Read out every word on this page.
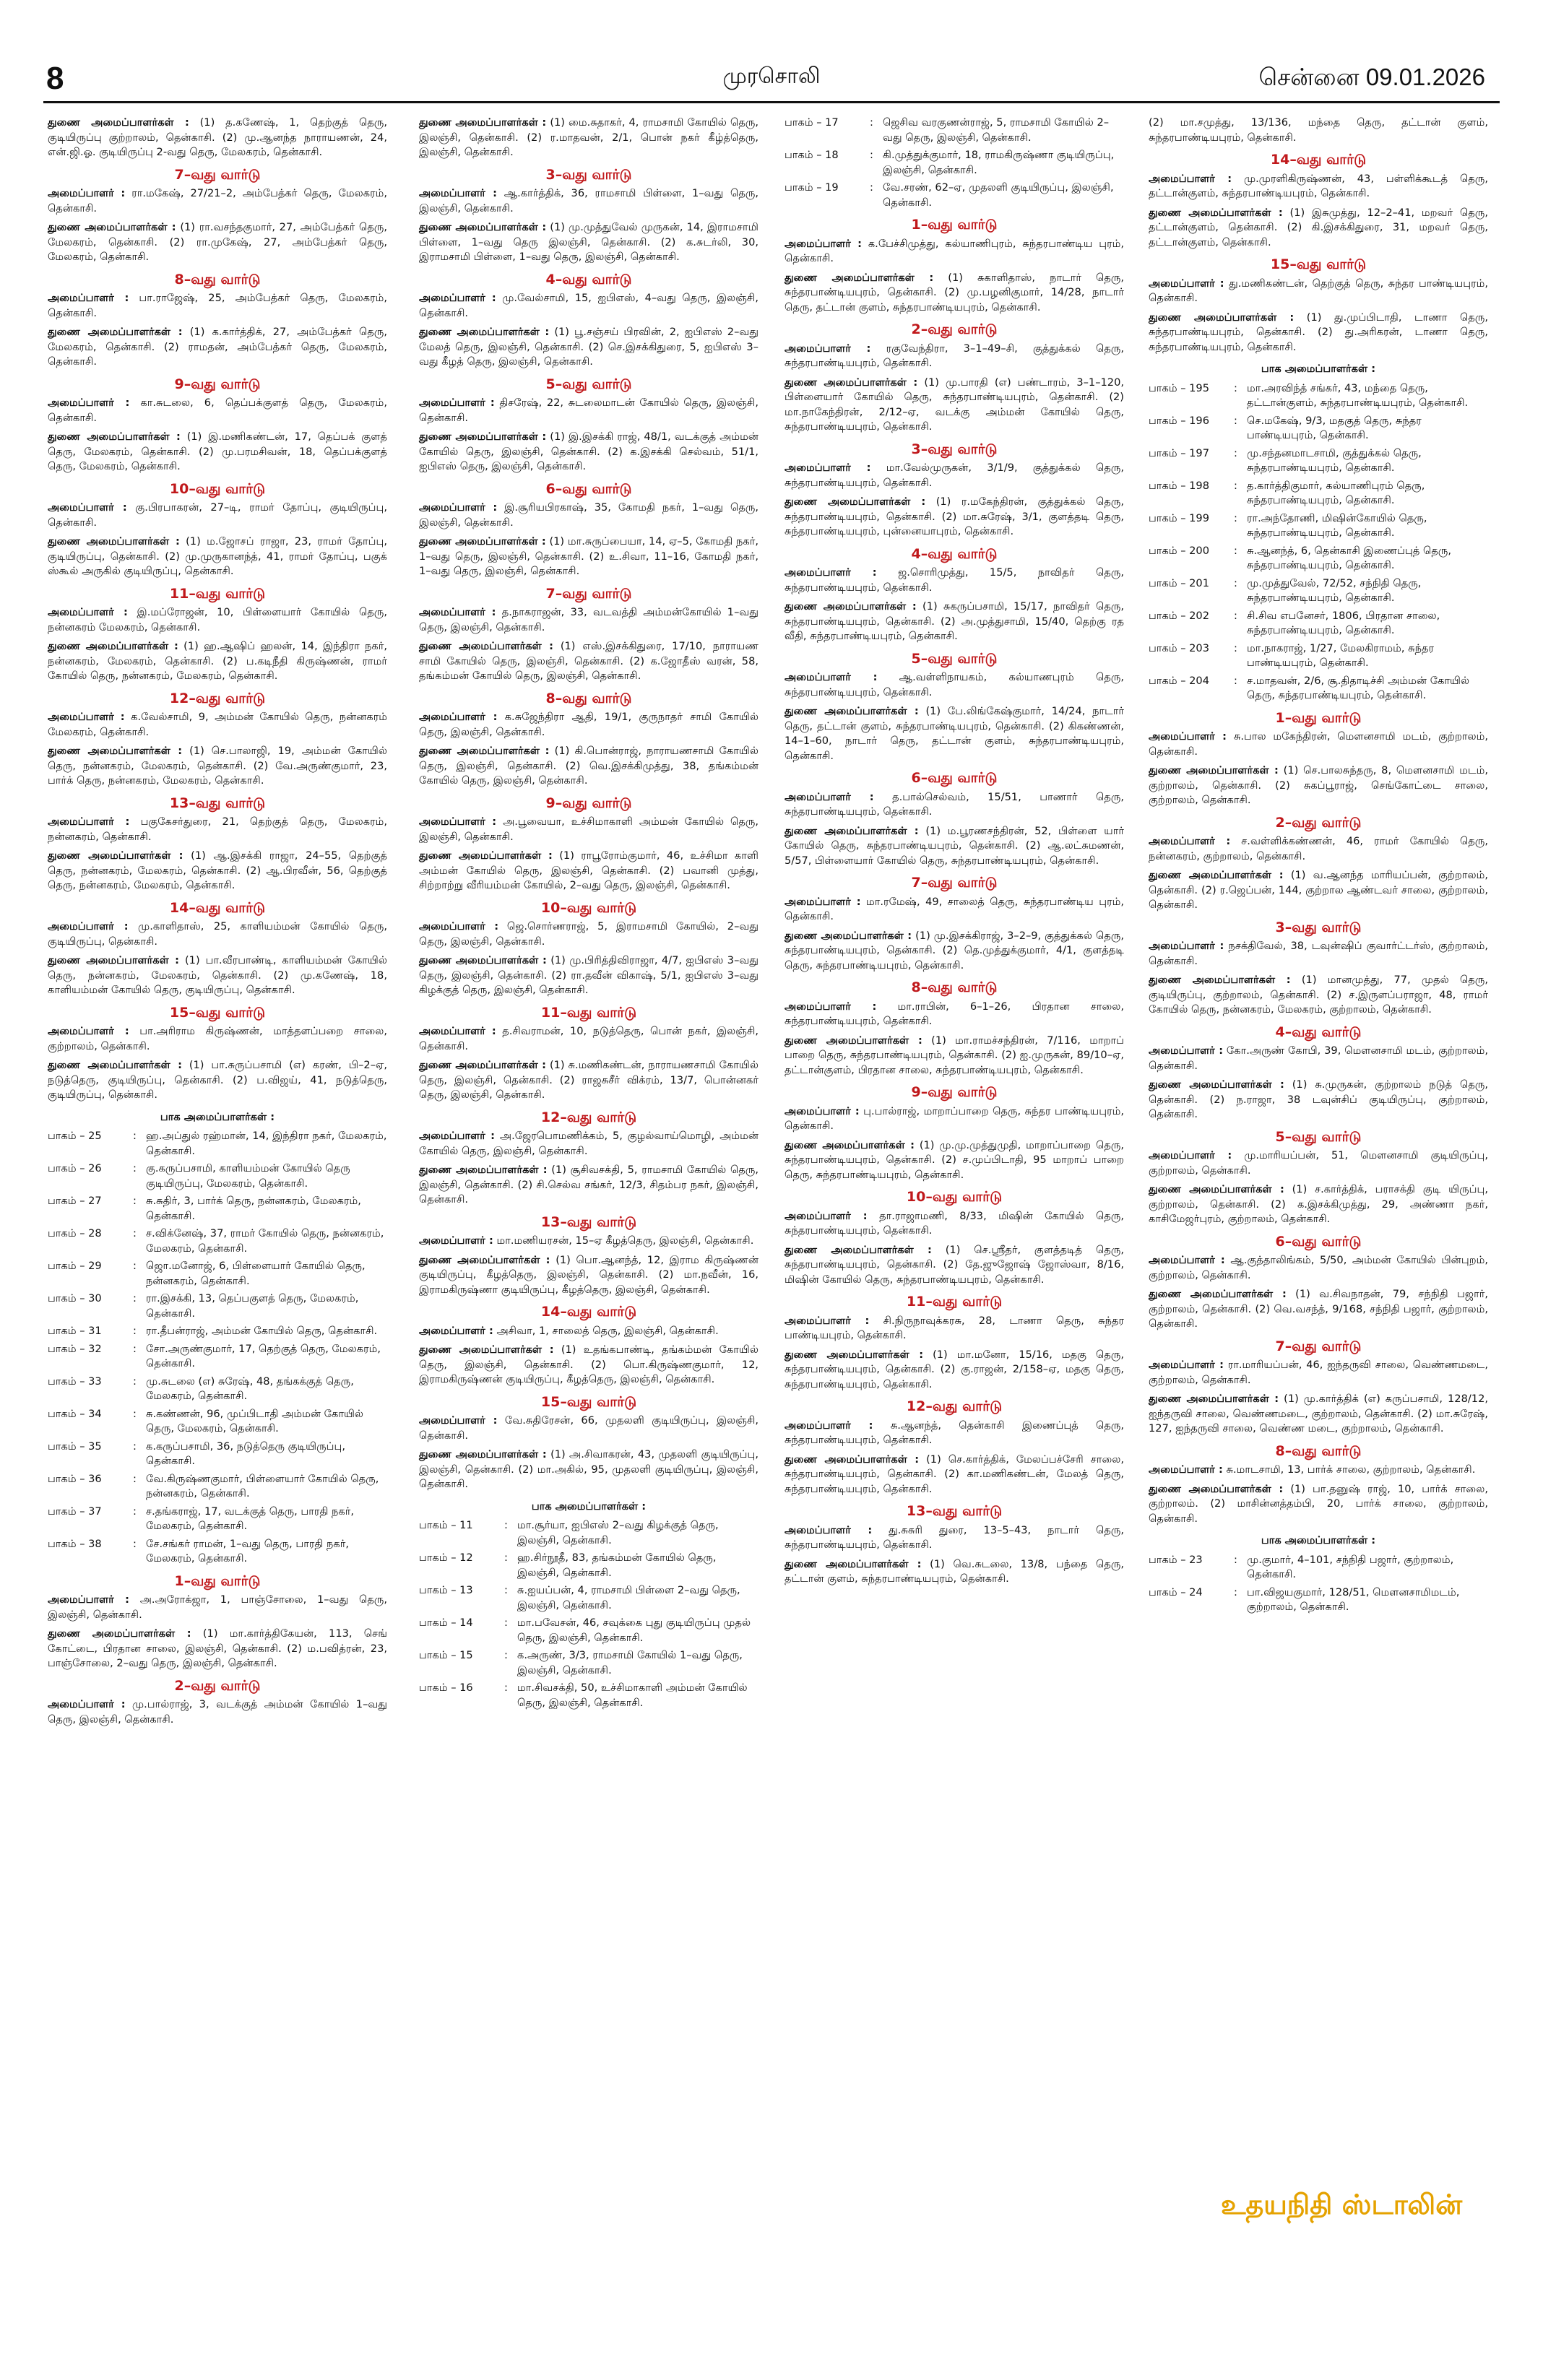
8	முரசொலி	சென்னை 09.01.2026

துணை அமைப்பாளர்கள் : (1) த.கணேஷ், 1, தெற்குத் தெரு, குடியிருப்பு குற்றாலம், தென்காசி. (2) மு.ஆனந்த நாராயணன், 24, என்.ஜி.ஓ. குடியிருப்பு 2-வது தெரு, மேலகரம், தென்காசி.

7–வது வார்டு

அமைப்பாளர் : ரா.மகேஷ், 27/21–2, அம்பேத்கர் தெரு, மேலகரம், தென்காசி.

துணை அமைப்பாளர்கள் : (1) ரா.வசந்தகுமார், 27, அம்பேத்கர் தெரு, மேலகரம், தென்காசி. (2) ரா.முகேஷ், 27, அம்பேத்கர் தெரு, மேலகரம், தென்காசி.

8–வது வார்டு

அமைப்பாளர் : பா.ராஜேஷ், 25, அம்பேத்கர் தெரு, மேலகரம், தென்காசி.

துணை அமைப்பாளர்கள் : (1) க.கார்த்திக், 27, அம்பேத்கர் தெரு, மேலகரம், தென்காசி. (2) ராமதன், அம்பேத்கர் தெரு, மேலகரம், தென்காசி.

9–வது வார்டு

அமைப்பாளர் : கா.சுடலை, 6, தெப்பக்குளத் தெரு, மேலகரம், தென்காசி.

துணை அமைப்பாளர்கள் : (1) இ.மணிகண்டன், 17, தெப்பக் குளத் தெரு, மேலகரம், தென்காசி. (2) மு.பரமசிவன், 18, தெப்பக்குளத் தெரு, மேலகரம், தென்காசி.

10–வது வார்டு

அமைப்பாளர் : கு.பிரபாகரன், 27–டி, ராமர் தோப்பு, குடியிருப்பு, தென்காசி.

துணை அமைப்பாளர்கள் : (1) ம.ஜோசப் ராஜா, 23, ராமர் தோப்பு, குடியிருப்பு, தென்காசி. (2) மு.முருகானந்த், 41, ராமர் தோப்பு, பகுக் ஸ்கூல் அருகில் குடியிருப்பு, தென்காசி.

11–வது வார்டு

அமைப்பாளர் : இ.மப்ரோஜன், 10, பிள்ளையார் கோயில் தெரு, நன்னகரம் மேலகரம், தென்காசி.

துணை அமைப்பாளர்கள் : (1) ஹ.ஆஷிப் ஹலன், 14, இந்திரா நகர், நன்னகரம், மேலகரம், தென்காசி. (2) ப.கடிநீதி கிருஷ்ணன், ராமர் கோயில் தெரு, நன்னகரம், மேலகரம், தென்காசி.

12–வது வார்டு

அமைப்பாளர் : க.வேல்சாமி, 9, அம்மன் கோயில் தெரு, நன்னகரம் மேலகரம், தென்காசி.

துணை அமைப்பாளர்கள் : (1) செ.பாலாஜி, 19, அம்மன் கோயில் தெரு, நன்னகரம், மேலகரம், தென்காசி. (2) வே.அருண்குமார், 23, பார்க் தெரு, நன்னகரம், மேலகரம், தென்காசி.

13–வது வார்டு

அமைப்பாளர் : பகுகேசர்துரை, 21, தெற்குத் தெரு, மேலகரம், நன்னகரம், தென்காசி.

துணை அமைப்பாளர்கள் : (1) ஆ.இசக்கி ராஜா, 24–55, தெற்குத் தெரு, நன்னகரம், மேலகரம், தென்காசி. (2) ஆ.பிரவீன், 56, தெற்குத் தெரு, நன்னகரம், மேலகரம், தென்காசி.

14–வது வார்டு

அமைப்பாளர் : மு.காளிதாஸ், 25, காளியம்மன் கோயில் தெரு, குடியிருப்பு, தென்காசி.

துணை அமைப்பாளர்கள் : (1) பா.வீரபாண்டி, காளியம்மன் கோயில் தெரு, நன்னகரம், மேலகரம், தென்காசி. (2) மு.கணேஷ், 18, காளியம்மன் கோயில் தெரு, குடியிருப்பு, தென்காசி.

15–வது வார்டு

அமைப்பாளர் : பா.அரிராம கிருஷ்ணன், மாத்தளப்பறை சாலை, குற்றாலம், தென்காசி.

துணை அமைப்பாளர்கள் : (1) பா.சுருப்பசாமி (எ) கரண், பி–2–ஏ, நடுத்தெரு, குடியிருப்பு, தென்காசி. (2) ப.விஜய், 41, நடுத்தெரு, குடியிருப்பு, தென்காசி.

பாக அமைப்பாளர்கள் :
பாகம் – 25	: ஹ.அப்துல் ரஹ்மான், 14, இந்திரா நகர், மேலகரம், தென்காசி.
பாகம் – 26	: கு.கருப்பசாமி, காளியம்மன் கோயில் தெரு குடியிருப்பு, மேலகரம், தென்காசி.
பாகம் – 27	: சு.சுதிர், 3, பார்க் தெரு, நன்னகரம், மேலகரம், தென்காசி.
பாகம் – 28	: ச.விக்னேஷ், 37, ராமர் கோயில் தெரு, நன்னகரம், மேலகரம், தென்காசி.
பாகம் – 29	: ஜொ.மனோஜ், 6, பிள்ளையார் கோயில் தெரு, நன்னகரம், தென்காசி.
பாகம் – 30	: ரா.இசக்கி, 13, தெப்பகுளத் தெரு, மேலகரம், தென்காசி.
பாகம் – 31	: ரா.தீபன்ராஜ், அம்மன் கோயில் தெரு, தென்காசி.
பாகம் – 32	: சோ.அருண்குமார், 17, தெற்குத் தெரு, மேலகரம், தென்காசி.
பாகம் – 33	: மு.சுடலை (எ) சுரேஷ், 48, தங்கக்குத் தெரு, மேலகரம், தென்காசி.
பாகம் – 34	: சு.கண்ணன், 96, முப்பிடாதி அம்மன் கோயில் தெரு, மேலகரம், தென்காசி.
பாகம் – 35	: க.கருப்பசாமி, 36, நடுத்தெரு குடியிருப்பு, தென்காசி.
பாகம் – 36	: வே.கிருஷ்ணகுமார், பிள்ளையார் கோயில் தெரு, நன்னகரம், தென்காசி.
பாகம் – 37	: ச.தங்கராஜ், 17, வடக்குத் தெரு, பாரதி நகர், மேலகரம், தென்காசி.
பாகம் – 38	: சே.சங்கர் ராமன், 1–வது தெரு, பாரதி நகர், மேலகரம், தென்காசி.
1–வது வார்டு

அமைப்பாளர் : அ.அரோக்ஜா, 1, பாஞ்சோலை, 1–வது தெரு, இலஞ்சி, தென்காசி.

துணை அமைப்பாளர்கள் : (1) மா.கார்த்திகேயன், 113, செங் கோட்டை, பிரதான சாலை, இலஞ்சி, தென்காசி. (2) ம.பவித்ரன், 23, பாஞ்சோலை, 2–வது தெரு, இலஞ்சி, தென்காசி.

2–வது வார்டு

அமைப்பாளர் : மு.பால்ராஜ், 3, வடக்குத் அம்மன் கோயில் 1–வது தெரு, இலஞ்சி, தென்காசி.

துணை அமைப்பாளர்கள் : (1) மை.சுதாகர், 4, ராமசாமி கோயில் தெரு, இலஞ்சி, தென்காசி. (2) ர.மாதவன், 2/1, பொன் நகர் கீழ்த்தெரு, இலஞ்சி, தென்காசி.

3–வது வார்டு

அமைப்பாளர் : ஆ.கார்த்திக், 36, ராமசாமி பிள்ளை, 1–வது தெரு, இலஞ்சி, தென்காசி.

துணை அமைப்பாளர்கள் : (1) மு.முத்துவேல் முருகன், 14, இராமசாமி பிள்ளை, 1–வது தெரு இலஞ்சி, தென்காசி. (2) க.சுடர்லி, 30, இராமசாமி பிள்ளை, 1–வது தெரு, இலஞ்சி, தென்காசி.

4–வது வார்டு

அமைப்பாளர் : மு.வேல்சாமி, 15, ஐபிஎஸ், 4–வது தெரு, இலஞ்சி, தென்காசி.

துணை அமைப்பாளர்கள் : (1) பூ.சஞ்சய் பிரவின், 2, ஐபிஎஸ் 2–வது மேலத் தெரு, இலஞ்சி, தென்காசி. (2) செ.இசக்கிதுரை, 5, ஐபிஎஸ் 3–வது கீழத் தெரு, இலஞ்சி, தென்காசி.

5–வது வார்டு

அமைப்பாளர் : திசரேஷ், 22, சுடலைமாடன் கோயில் தெரு, இலஞ்சி, தென்காசி.

துணை அமைப்பாளர்கள் : (1) இ.இசக்கி ராஜ், 48/1, வடக்குத் அம்மன் கோயில் தெரு, இலஞ்சி, தென்காசி. (2) க.இசக்கி செல்வம், 51/1, ஐபிஎஸ் தெரு, இலஞ்சி, தென்காசி.

6–வது வார்டு

அமைப்பாளர் : இ.சூரியபிரகாஷ், 35, கோமதி நகர், 1–வது தெரு, இலஞ்சி, தென்காசி.

துணை அமைப்பாளர்கள் : (1) மா.சுருப்பையா, 14, ஏ–5, கோமதி நகர், 1–வது தெரு, இலஞ்சி, தென்காசி. (2) உ.சிவா, 11–16, கோமதி நகர், 1–வது தெரு, இலஞ்சி, தென்காசி.

7–வது வார்டு

அமைப்பாளர் : த.நாகராஜன், 33, வடவத்தி அம்மன்கோயில் 1–வது தெரு, இலஞ்சி, தென்காசி.

துணை அமைப்பாளர்கள் : (1) எஸ்.இசக்கிதுரை, 17/10, நாராயண சாமி கோயில் தெரு, இலஞ்சி, தென்காசி. (2) க.ஜோதீஸ் வரன், 58, தங்கம்மன் கோயில் தெரு, இலஞ்சி, தென்காசி.

8–வது வார்டு

அமைப்பாளர் : க.சுஜேந்திரா ஆதி, 19/1, குருநாதர் சாமி கோயில் தெரு, இலஞ்சி, தென்காசி.

துணை அமைப்பாளர்கள் : (1) கி.பொன்ராஜ், நாராயணசாமி கோயில் தெரு, இலஞ்சி, தென்காசி. (2) வெ.இசக்கிமுத்து, 38, தங்கம்மன் கோயில் தெரு, இலஞ்சி, தென்காசி.

9–வது வார்டு

அமைப்பாளர் : அ.பூவையா, உச்சிமாகாளி அம்மன் கோயில் தெரு, இலஞ்சி, தென்காசி.

துணை அமைப்பாளர்கள் : (1) ராபூரோம்குமார், 46, உச்சிமா காளி அம்மன் கோயில் தெரு, இலஞ்சி, தென்காசி. (2) பவானி முத்து, சிற்றாற்று வீரியம்மன் கோயில், 2–வது தெரு, இலஞ்சி, தென்காசி.

10–வது வார்டு

அமைப்பாளர் : ஜெ.சொர்ணராஜ், 5, இராமசாமி கோயில், 2–வது தெரு, இலஞ்சி, தென்காசி.

துணை அமைப்பாளர்கள் : (1) மு.பிரித்திவிராஜா, 4/7, ஐபிஎஸ் 3–வது தெரு, இலஞ்சி, தென்காசி. (2) ரா.தவீன் விகாஷ், 5/1, ஐபிஎஸ் 3–வது கிழக்குத் தெரு, இலஞ்சி, தென்காசி.

11–வது வார்டு

அமைப்பாளர் : த.சிவராமன், 10, நடுத்தெரு, பொன் நகர், இலஞ்சி, தென்காசி.

துணை அமைப்பாளர்கள் : (1) சு.மணிகண்டன், நாராயணசாமி கோயில் தெரு, இலஞ்சி, தென்காசி. (2) ராஜசுசீர் விக்ரம், 13/7, பொன்னகர் தெரு, இலஞ்சி, தென்காசி.

12–வது வார்டு

அமைப்பாளர் : அ.ஜேரபொமணிக்கம், 5, குழல்வாய்மொழி, அம்மன் கோயில் தெரு, இலஞ்சி, தென்காசி.

துணை அமைப்பாளர்கள் : (1) சூசிவசக்தி, 5, ராமசாமி கோயில் தெரு, இலஞ்சி, தென்காசி. (2) சி.செல்வ சங்கர், 12/3, சிதம்பர நகர், இலஞ்சி, தென்காசி.

13–வது வார்டு

அமைப்பாளர் : மா.மணியரசன், 15–ஏ கீழத்தெரு, இலஞ்சி, தென்காசி.

துணை அமைப்பாளர்கள் : (1) பொ.ஆனந்த், 12, இராம கிருஷ்ணன் குடியிருப்பு, கீழத்தெரு, இலஞ்சி, தென்காசி. (2) மா.நவீன், 16, இராமகிருஷ்ணா குடியிருப்பு, கீழத்தெரு, இலஞ்சி, தென்காசி.

14–வது வார்டு

அமைப்பாளர் : அசிவா, 1, சாலைத் தெரு, இலஞ்சி, தென்காசி.

துணை அமைப்பாளர்கள் : (1) உதங்கபாண்டி, தங்கம்மன் கோயில் தெரு, இலஞ்சி, தென்காசி. (2) பொ.கிருஷ்ணகுமார், 12, இராமகிருஷ்ணன் குடியிருப்பு, கீழத்தெரு, இலஞ்சி, தென்காசி.

15–வது வார்டு

அமைப்பாளர் : வே.சுதிரேசன், 66, முதலளி குடியிருப்பு, இலஞ்சி, தென்காசி.

துணை அமைப்பாளர்கள் : (1) அ.சிவாகரன், 43, முதலளி குடியிருப்பு, இலஞ்சி, தென்காசி. (2) மா.அகில், 95, முதலளி குடியிருப்பு, இலஞ்சி, தென்காசி.

பாக அமைப்பாளர்கள் :
பாகம் – 11	: மா.சூர்யா, ஐபிஎஸ் 2–வது கிழக்குத் தெரு, இலஞ்சி, தென்காசி.
பாகம் – 12	: ஹ.சிர்நூதீ, 83, தங்கம்மன் கோயில் தெரு, இலஞ்சி, தென்காசி.
பாகம் – 13	: சு.ஐயப்பன், 4, ராமசாமி பிள்ளை 2–வது தெரு, இலஞ்சி, தென்காசி.
பாகம் – 14	: மா.பவேசன், 46, சவுக்கை புது குடியிருப்பு முதல் தெரு, இலஞ்சி, தென்காசி.
பாகம் – 15	: க.அருண், 3/3, ராமசாமி கோயில் 1–வது தெரு, இலஞ்சி, தென்காசி.
பாகம் – 16	: மா.சிவசக்தி, 50, உச்சிமாகாளி அம்மன் கோயில் தெரு, இலஞ்சி, தென்காசி.
பாகம் – 17	: ஜெசிவ வரகுணன்ராஜ், 5, ராமசாமி கோயில் 2–வது தெரு, இலஞ்சி, தென்காசி.
பாகம் – 18	: கி.முத்துக்குமார், 18, ராமகிருஷ்ணா குடியிருப்பு, இலஞ்சி, தென்காசி.
பாகம் – 19	: வே.சரண், 62–ஏ, முதலளி குடியிருப்பு, இலஞ்சி, தென்காசி.
1–வது வார்டு

அமைப்பாளர் : க.பேச்சிமுத்து, கல்யாணிபுரம், சுந்தரபாண்டிய புரம், தென்காசி.

துணை அமைப்பாளர்கள் : (1) சுகாளிதாஸ், நாடார் தெரு, சுந்தரபாண்டியபுரம், தென்காசி. (2) மு.பழனிகுமார், 14/28, நாடார் தெரு, தட்டான் குளம், சுந்தரபாண்டியபுரம், தென்காசி.

2–வது வார்டு

அமைப்பாளர் : ரகுவேந்திரா, 3–1–49–சி, குத்துக்கல் தெரு, சுந்தரபாண்டியபுரம், தென்காசி.

துணை அமைப்பாளர்கள் : (1) மு.பாரதி (எ) பண்டாரம், 3–1–120, பிள்ளையார் கோயில் தெரு, சுந்தரபாண்டியபுரம், தென்காசி. (2) மா.நாகேந்திரன், 2/12–ஏ, வடக்கு அம்மன் கோயில் தெரு, சுந்தரபாண்டியபுரம், தென்காசி.

3–வது வார்டு

அமைப்பாளர் : மா.வேல்முருகன், 3/1/9, குத்துக்கல் தெரு, சுந்தரபாண்டியபுரம், தென்காசி.

துணை அமைப்பாளர்கள் : (1) ர.மகேந்திரன், குத்துக்கல் தெரு, சுந்தரபாண்டியபுரம், தென்காசி. (2) மா.சுரேஷ், 3/1, குளத்தடி தெரு, சுந்தரபாண்டியபுரம், புன்னையாபுரம், தென்காசி.

4–வது வார்டு

அமைப்பாளர் : ஜ.சொரிமுத்து, 15/5, நாவிதர் தெரு, சுந்தரபாண்டியபுரம், தென்காசி.

துணை அமைப்பாளர்கள் : (1) சுகருப்பசாமி, 15/17, நாவிதர் தெரு, சுந்தரபாண்டியபுரம், தென்காசி. (2) அ.முத்துசாமி, 15/40, தெற்கு ரத வீதி, சுந்தரபாண்டியபுரம், தென்காசி.

5–வது வார்டு

அமைப்பாளர் : ஆ.வள்ளிநாயகம், கல்யாணபுரம் தெரு, சுந்தரபாண்டியபுரம், தென்காசி.

துணை அமைப்பாளர்கள் : (1) பே.லிங்கேஷ்குமார், 14/24, நாடார் தெரு, தட்டான் குளம், சுந்தரபாண்டியபுரம், தென்காசி. (2) கிகண்ணன், 14–1–60, நாடார் தெரு, தட்டான் குளம், சுந்தரபாண்டியபுரம், தென்காசி.

6–வது வார்டு

அமைப்பாளர் : த.பால்செல்வம், 15/51, பாணார் தெரு, சுந்தரபாண்டியபுரம், தென்காசி.

துணை அமைப்பாளர்கள் : (1) ம.பூரணசந்திரன், 52, பிள்ளை யார் கோயில் தெரு, சுந்தரபாண்டியபுரம், தென்காசி. (2) ஆ.லட்சுமணன், 5/57, பிள்ளையார் கோயில் தெரு, சுந்தரபாண்டியபுரம், தென்காசி.

7–வது வார்டு

அமைப்பாளர் : மா.ரமேஷ், 49, சாலைத் தெரு, சுந்தரபாண்டிய புரம், தென்காசி.

துணை அமைப்பாளர்கள் : (1) மு.இசக்கிராஜ், 3–2–9, குத்துக்கல் தெரு, சுந்தரபாண்டியபுரம், தென்காசி. (2) தெ.முத்துக்குமார், 4/1, குளத்தடி தெரு, சுந்தரபாண்டியபுரம், தென்காசி.

8–வது வார்டு

அமைப்பாளர் : மா.ராபின், 6–1–26, பிரதான சாலை, சுந்தரபாண்டியபுரம், தென்காசி.

துணை அமைப்பாளர்கள் : (1) மா.ராமச்சந்திரன், 7/116, மாறாப் பாறை தெரு, சுந்தரபாண்டியபுரம், தென்காசி. (2) ஐ.முருகன், 89/10–ஏ, தட்டான்குளம், பிரதான சாலை, சுந்தரபாண்டியபுரம், தென்காசி.

9–வது வார்டு

அமைப்பாளர் : பு.பால்ராஜ், மாறாப்பாறை தெரு, சுந்தர பாண்டியபுரம், தென்காசி.

துணை அமைப்பாளர்கள் : (1) மு.மு.முத்துமுதி, மாறாப்பாறை தெரு, சுந்தரபாண்டியபுரம், தென்காசி. (2) ச.முப்பிடாதி, 95 மாறாப் பாறை தெரு, சுந்தரபாண்டியபுரம், தென்காசி.

10–வது வார்டு

அமைப்பாளர் : தா.ராஜாமணி, 8/33, மிஷின் கோயில் தெரு, சுந்தரபாண்டியபுரம், தென்காசி.

துணை அமைப்பாளர்கள் : (1) செ.ஸ்ரீதர், குளத்தடித் தெரு, சுந்தரபாண்டியபுரம், தென்காசி. (2) தே.ஜுஜோஷ் ஜோஸ்வா, 8/16, மிஷின் கோயில் தெரு, சுந்தரபாண்டியபுரம், தென்காசி.

11–வது வார்டு

அமைப்பாளர் : சி.நிருநாவுக்கரசு, 28, டாணா தெரு, சுந்தர பாண்டியபுரம், தென்காசி.

துணை அமைப்பாளர்கள் : (1) மா.மனோ, 15/16, மதகு தெரு, சுந்தரபாண்டியபுரம், தென்காசி. (2) கு.ராஜன், 2/158–ஏ, மதகு தெரு, சுந்தரபாண்டியபுரம், தென்காசி.

12–வது வார்டு

அமைப்பாளர் : சு.ஆனந்த், தென்காசி இணைப்புத் தெரு, சுந்தரபாண்டியபுரம், தென்காசி.

துணை அமைப்பாளர்கள் : (1) செ.கார்த்திக், மேலப்பச்சேரி சாலை, சுந்தரபாண்டியபுரம், தென்காசி. (2) கா.மணிகண்டன், மேலத் தெரு, சுந்தரபாண்டியபுரம், தென்காசி.

13–வது வார்டு

அமைப்பாளர் : து.சுசுரி துரை, 13–5–43, நாடார் தெரு, சுந்தரபாண்டியபுரம், தென்காசி.

துணை அமைப்பாளர்கள் : (1) வெ.சுடலை, 13/8, பந்தை தெரு, தட்டான் குளம், சுந்தரபாண்டியபுரம், தென்காசி.

(2) மா.சமுத்து, 13/136, மந்தை தெரு, தட்டான் குளம், சுந்தரபாண்டியபுரம், தென்காசி.

14–வது வார்டு

அமைப்பாளர் : மு.முரளிகிருஷ்ணன், 43, பள்ளிக்கூடத் தெரு, தட்டான்குளம், சுந்தரபாண்டியபுரம், தென்காசி.

துணை அமைப்பாளர்கள் : (1) இசுமுத்து, 12–2–41, மறவர் தெரு, தட்டான்குளம், தென்காசி. (2) கி.இசக்கிதுரை, 31, மறவர் தெரு, தட்டான்குளம், தென்காசி.

15–வது வார்டு

அமைப்பாளர் : து.மணிகண்டன், தெற்குத் தெரு, சுந்தர பாண்டியபுரம், தென்காசி.

துணை அமைப்பாளர்கள் : (1) து.முப்பிடாதி, டாணா தெரு, சுந்தரபாண்டியபுரம், தென்காசி. (2) து.அரிகரன், டாணா தெரு, சுந்தரபாண்டியபுரம், தென்காசி.

பாக அமைப்பாளர்கள் :
பாகம் – 195	: மா.அரவிந்த் சங்கர், 43, மந்தை தெரு, தட்டான்குளம், சுந்தரபாண்டியபுரம், தென்காசி.
பாகம் – 196	: செ.மகேஷ், 9/3, மதகுத் தெரு, சுந்தர பாண்டியபுரம், தென்காசி.
பாகம் – 197	: மு.சந்தனமாடசாமி, குத்துக்கல் தெரு, சுந்தரபாண்டியபுரம், தென்காசி.
பாகம் – 198	: த.கார்த்திகுமார், கல்யாணிபுரம் தெரு, சுந்தரபாண்டியபுரம், தென்காசி.
பாகம் – 199	: ரா.அந்தோணி, மிஷின்கோயில் தெரு, சுந்தரபாண்டியபுரம், தென்காசி.
பாகம் – 200	: சு.ஆனந்த், 6, தென்காசி இணைப்புத் தெரு, சுந்தரபாண்டியபுரம், தென்காசி.
பாகம் – 201	: மு.முத்துவேல், 72/52, சந்நிதி தெரு, சுந்தரபாண்டியபுரம், தென்காசி.
பாகம் – 202	: சி.சிவ எபனேசர், 1806, பிரதான சாலை, சுந்தரபாண்டியபுரம், தென்காசி.
பாகம் – 203	: மா.நாகராஜ், 1/27, மேலகிராமம், சுந்தர பாண்டியபுரம், தென்காசி.
பாகம் – 204	: ச.மாதவன், 2/6, சூ.திதாடிச்சி அம்மன் கோயில் தெரு, சுந்தரபாண்டியபுரம், தென்காசி.
1–வது வார்டு

அமைப்பாளர் : சு.பால மகேந்திரன், மௌனசாமி மடம், குற்றாலம், தென்காசி.

துணை அமைப்பாளர்கள் : (1) செ.பாலசுந்தரு, 8, மௌனசாமி மடம், குற்றாலம், தென்காசி. (2) சுகப்பூராஜ், செங்கோட்டை சாலை, குற்றாலம், தென்காசி.

2–வது வார்டு

அமைப்பாளர் : ச.வள்ளிக்கண்ணன், 46, ராமர் கோயில் தெரு, நன்னகரம், குற்றாலம், தென்காசி.

துணை அமைப்பாளர்கள் : (1) வ.ஆனந்த மாரியப்பன், குற்றாலம், தென்காசி. (2) ர.ஜெப்பன், 144, குற்றால ஆண்டவர் சாலை, குற்றாலம், தென்காசி.

3–வது வார்டு

அமைப்பாளர் : நசக்திவேல், 38, டவுன்ஷிப் குவார்ட்டர்ஸ், குற்றாலம், தென்காசி.

துணை அமைப்பாளர்கள் : (1) மானமுத்து, 77, முதல் தெரு, குடியிருப்பு, குற்றாலம், தென்காசி. (2) ச.இருளப்பராஜா, 48, ராமர் கோயில் தெரு, நன்னகரம், மேலகரம், குற்றாலம், தென்காசி.

4–வது வார்டு

அமைப்பாளர் : கோ.அருண் கோபி, 39, மௌனசாமி மடம், குற்றாலம், தென்காசி.

துணை அமைப்பாளர்கள் : (1) சு.முருகன், குற்றாலம் நடுத் தெரு, தென்காசி. (2) ந.ராஜா, 38 டவுன்சிப் குடியிருப்பு, குற்றாலம், தென்காசி.

5–வது வார்டு

அமைப்பாளர் : மு.மாரியப்பன், 51, மௌனசாமி குடியிருப்பு, குற்றாலம், தென்காசி.

துணை அமைப்பாளர்கள் : (1) ச.கார்த்திக், பராசக்தி குடி யிருப்பு, குற்றாலம், தென்காசி. (2) க.இசக்கிமுத்து, 29, அண்ணா நகர், காசிமேஜர்புரம், குற்றாலம், தென்காசி.

6–வது வார்டு

அமைப்பாளர் : ஆ.குத்தாலிங்கம், 5/50, அம்மன் கோயில் பின்புறம், குற்றாலம், தென்காசி.

துணை அமைப்பாளர்கள் : (1) வ.சிவநாதன், 79, சந்நிதி பஜார், குற்றாலம், தென்காசி. (2) வெ.வசந்த், 9/168, சந்நிதி பஜார், குற்றாலம், தென்காசி.

7–வது வார்டு

அமைப்பாளர் : ரா.மாரியப்பன், 46, ஐந்தருவி சாலை, வெண்ணமடை, குற்றாலம், தென்காசி.

துணை அமைப்பாளர்கள் : (1) மு.கார்த்திக் (எ) கருப்பசாமி, 128/12, ஐந்தருவி சாலை, வெண்ணமடை, குற்றாலம், தென்காசி. (2) மா.சுரேஷ், 127, ஐந்தருவி சாலை, வெண்ண மடை, குற்றாலம், தென்காசி.

8–வது வார்டு

அமைப்பாளர் : சு.மாடசாமி, 13, பார்க் சாலை, குற்றாலம், தென்காசி.

துணை அமைப்பாளர்கள் : (1) பா.தனுஷ் ராஜ், 10, பார்க் சாலை, குற்றாலம். (2) மாசின்னத்தம்பி, 20, பார்க் சாலை, குற்றாலம், தென்காசி.

பாக அமைப்பாளர்கள் :
பாகம் – 23	: மு.குமார், 4–101, சந்நிதி பஜார், குற்றாலம், தென்காசி.
பாகம் – 24	: பா.விஜயகுமார், 128/51, மௌனசாமிமடம், குற்றாலம், தென்காசி.
உதயநிதி ஸ்டாலின்
